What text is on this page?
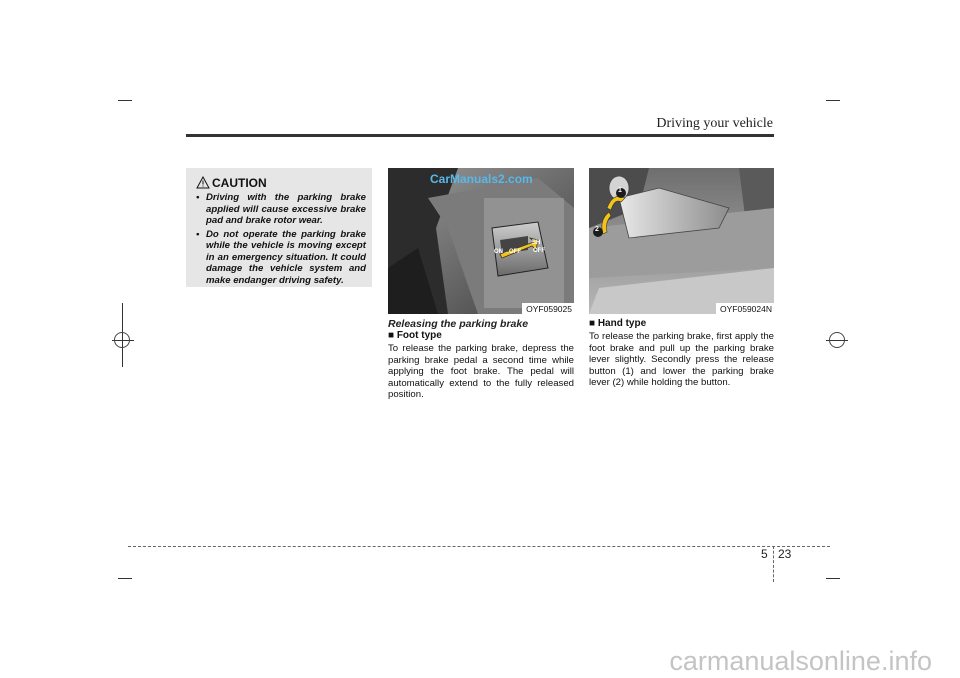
Driving your vehicle
CAUTION
• Driving with the parking brake applied will cause excessive brake pad and brake rotor wear.
• Do not operate the parking brake while the vehicle is moving except in an emergency situation. It could damage the vehicle system and make endanger driving safety.
CarManuals2.com
ON→OFF
SH
OFF
OYF059025
1
2
OYF059024N
Releasing the parking brake
■ Foot type
To release the parking brake, depress the parking brake pedal a second time while applying the foot brake. The pedal will automatically extend to the fully released position.
■ Hand type
To release the parking brake, first apply the foot brake and pull up the parking brake lever slightly. Secondly press the release button (1) and lower the parking brake lever (2) while holding the button.
5 23
carmanualsonline.info
